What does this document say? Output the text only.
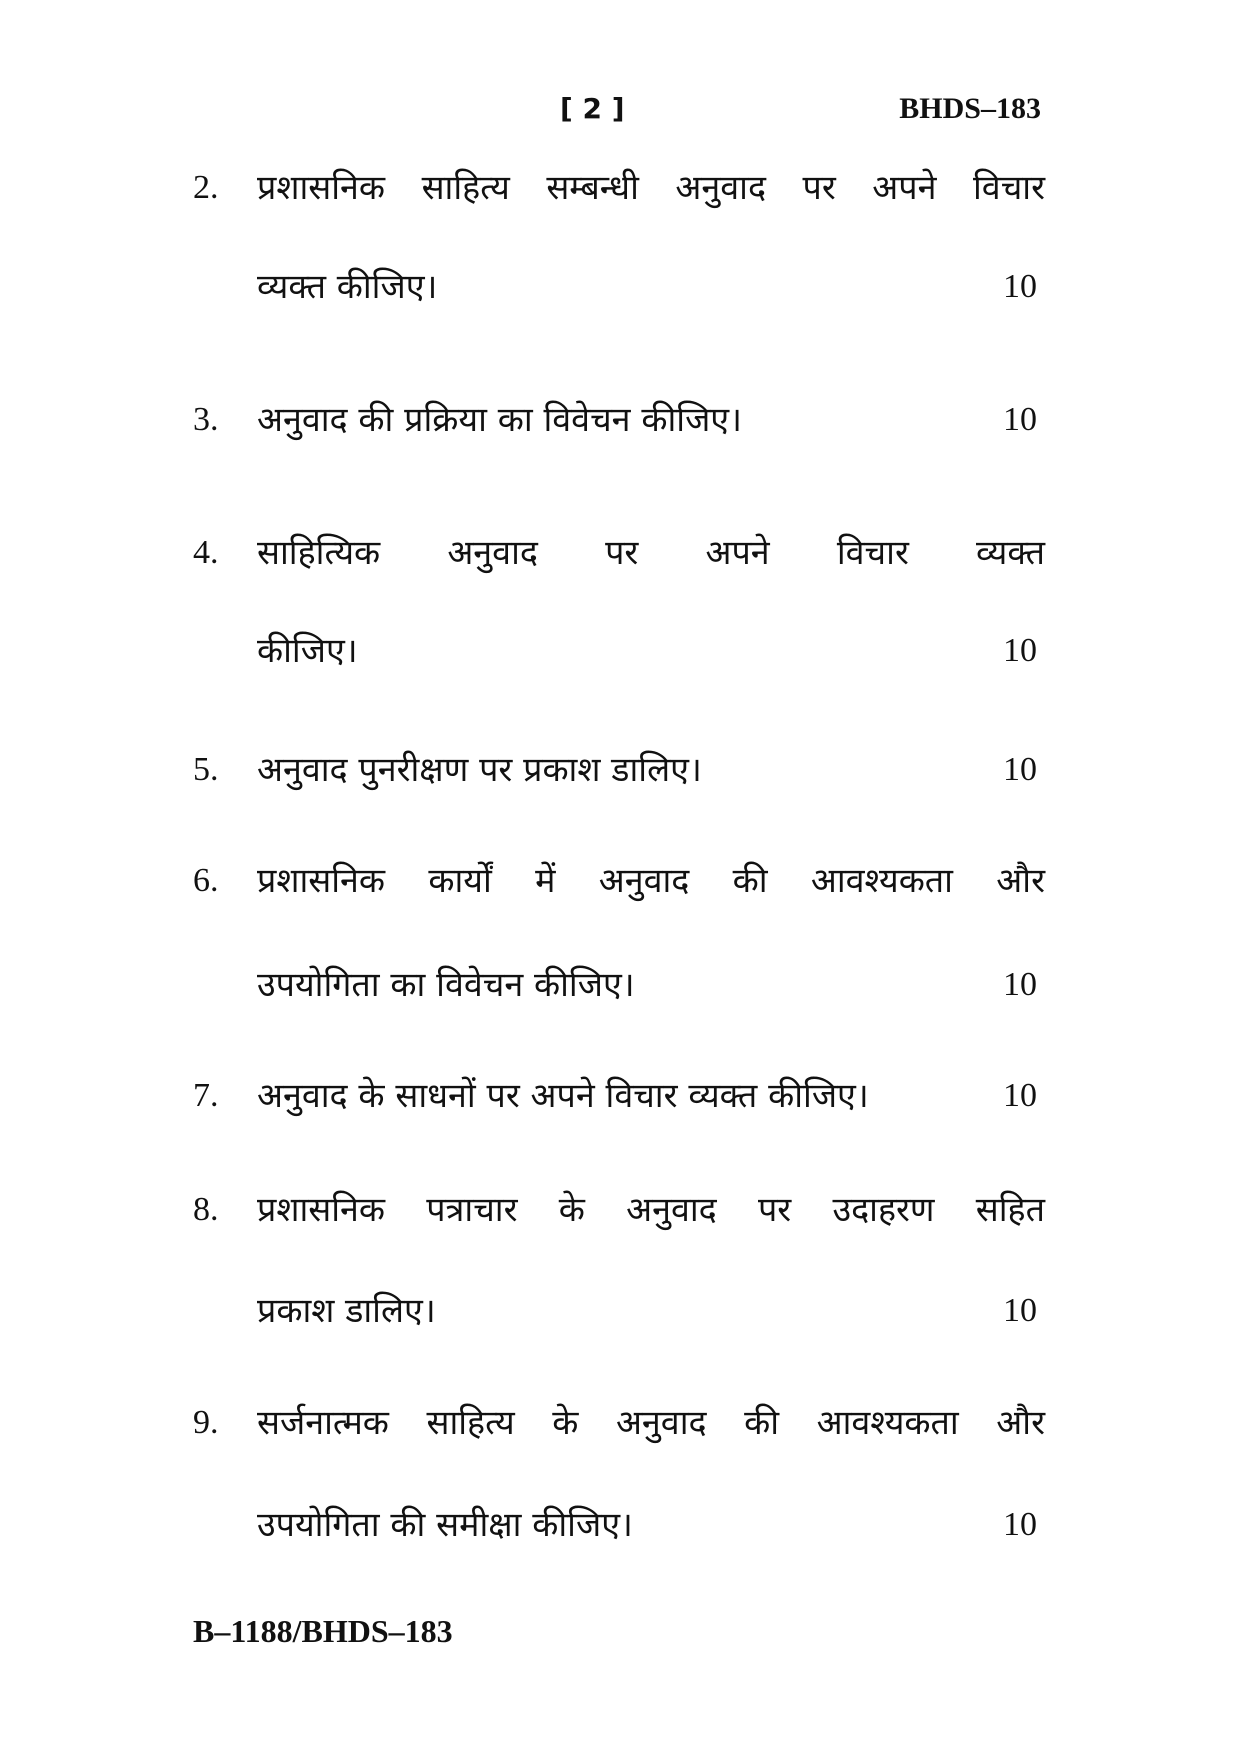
[ 2 ]	BHDS–183
2.	प्रशासनिक साहित्य सम्बन्धी अनुवाद पर अपने विचार
व्यक्त कीजिए।	10
3.	अनुवाद की प्रक्रिया का विवेचन कीजिए।	10
4.	साहित्यिक अनुवाद पर अपने विचार व्यक्त
कीजिए।	10
5.	अनुवाद पुनरीक्षण पर प्रकाश डालिए।	10
6.	प्रशासनिक कार्यों में अनुवाद की आवश्यकता और
उपयोगिता का विवेचन कीजिए।	10
7.	अनुवाद के साधनों पर अपने विचार व्यक्त कीजिए।	10
8.	प्रशासनिक पत्राचार के अनुवाद पर उदाहरण सहित
प्रकाश डालिए।	10
9.	सर्जनात्मक साहित्य के अनुवाद की आवश्यकता और
उपयोगिता की समीक्षा कीजिए।	10
B–1188/BHDS–183
